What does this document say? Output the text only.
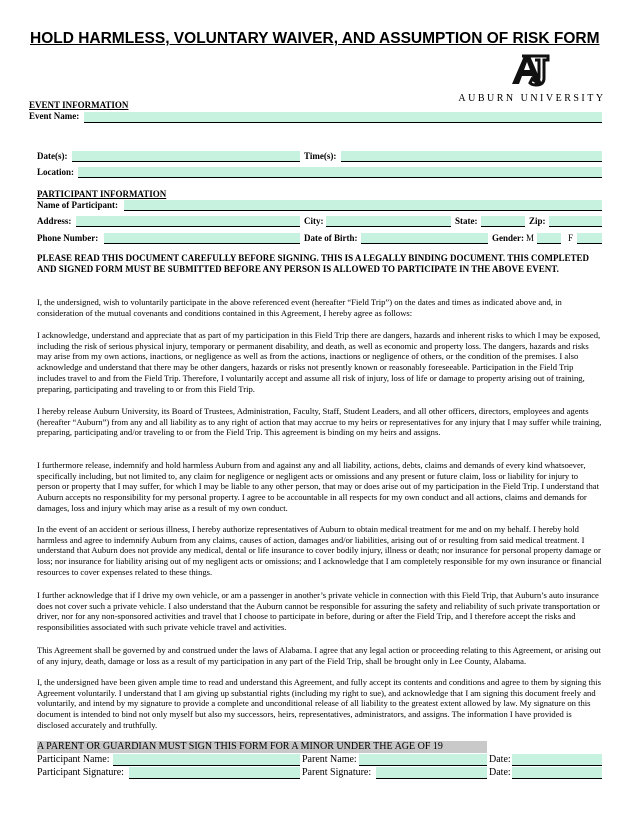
HOLD HARMLESS, VOLUNTARY WAIVER, AND ASSUMPTION OF RISK FORM
AUBURN UNIVERSITY
EVENT INFORMATION
Event Name:
Date(s):	Time(s):
Location:
PARTICIPANT INFORMATION
Name of Participant:
Address:	City:	State:	Zip:
Phone Number:	Date of Birth:	Gender: M	F
PLEASE READ THIS DOCUMENT CAREFULLY BEFORE SIGNING. THIS IS A LEGALLY BINDING DOCUMENT. THIS COMPLETED
AND SIGNED FORM MUST BE SUBMITTED BEFORE ANY PERSON IS ALLOWED TO PARTICIPATE IN THE ABOVE EVENT.

I, the undersigned, wish to voluntarily participate in the above referenced event (hereafter “Field Trip”) on the dates and times as indicated above and, in consideration of the mutual covenants and conditions contained in this Agreement, I hereby agree as follows:

I acknowledge, understand and appreciate that as part of my participation in this Field Trip there are dangers, hazards and inherent risks to which I may be exposed, including the risk of serious physical injury, temporary or permanent disability, and death, as well as economic and property loss. The dangers, hazards and risks may arise from my own actions, inactions, or negligence as well as from the actions, inactions or negligence of others, or the condition of the premises. I also acknowledge and understand that there may be other dangers, hazards or risks not presently known or reasonably foreseeable. Participation in the Field Trip includes travel to and from the Field Trip. Therefore, I voluntarily accept and assume all risk of injury, loss of life or damage to property arising out of training, preparing, participating and traveling to or from this Field Trip.

I hereby release Auburn University, its Board of Trustees, Administration, Faculty, Staff, Student Leaders, and all other officers, directors, employees and agents (hereafter “Auburn”) from any and all liability as to any right of action that may accrue to my heirs or representatives for any injury that I may suffer while training, preparing, participating and/or traveling to or from the Field Trip. This agreement is binding on my heirs and assigns.

I furthermore release, indemnify and hold harmless Auburn from and against any and all liability, actions, debts, claims and demands of every kind whatsoever, specifically including, but not limited to, any claim for negligence or negligent acts or omissions and any present or future claim, loss or liability for injury to person or property that I may suffer, for which I may be liable to any other person, that may or does arise out of my participation in the Field Trip. I understand that Auburn accepts no responsibility for my personal property. I agree to be accountable in all respects for my own conduct and all actions, claims and demands for damages, loss and injury which may arise as a result of my own conduct.

In the event of an accident or serious illness, I hereby authorize representatives of Auburn to obtain medical treatment for me and on my behalf. I hereby hold harmless and agree to indemnify Auburn from any claims, causes of action, damages and/or liabilities, arising out of or resulting from said medical treatment. I understand that Auburn does not provide any medical, dental or life insurance to cover bodily injury, illness or death; nor insurance for personal property damage or loss; nor insurance for liability arising out of my negligent acts or omissions; and I acknowledge that I am completely responsible for my own insurance or financial resources to cover expenses related to these things.

I further acknowledge that if I drive my own vehicle, or am a passenger in another’s private vehicle in connection with this Field Trip, that Auburn’s auto insurance does not cover such a private vehicle. I also understand that the Auburn cannot be responsible for assuring the safety and reliability of such private transportation or driver, nor for any non-sponsored activities and travel that I choose to participate in before, during or after the Field Trip, and I therefore accept the risks and responsibilities associated with such private vehicle travel and activities.

This Agreement shall be governed by and construed under the laws of Alabama. I agree that any legal action or proceeding relating to this Agreement, or arising out of any injury, death, damage or loss as a result of my participation in any part of the Field Trip, shall be brought only in Lee County, Alabama.

I, the undersigned have been given ample time to read and understand this Agreement, and fully accept its contents and conditions and agree to them by signing this Agreement voluntarily. I understand that I am giving up substantial rights (including my right to sue), and acknowledge that I am signing this document freely and voluntarily, and intend by my signature to provide a complete and unconditional release of all liability to the greatest extent allowed by law. My signature on this document is intended to bind not only myself but also my successors, heirs, representatives, administrators, and assigns. The information I have provided is disclosed accurately and truthfully.

A PARENT OR GUARDIAN MUST SIGN THIS FORM FOR A MINOR UNDER THE AGE OF 19
Participant Name:	Parent Name:	Date:
Participant Signature:	Parent Signature:	Date:
